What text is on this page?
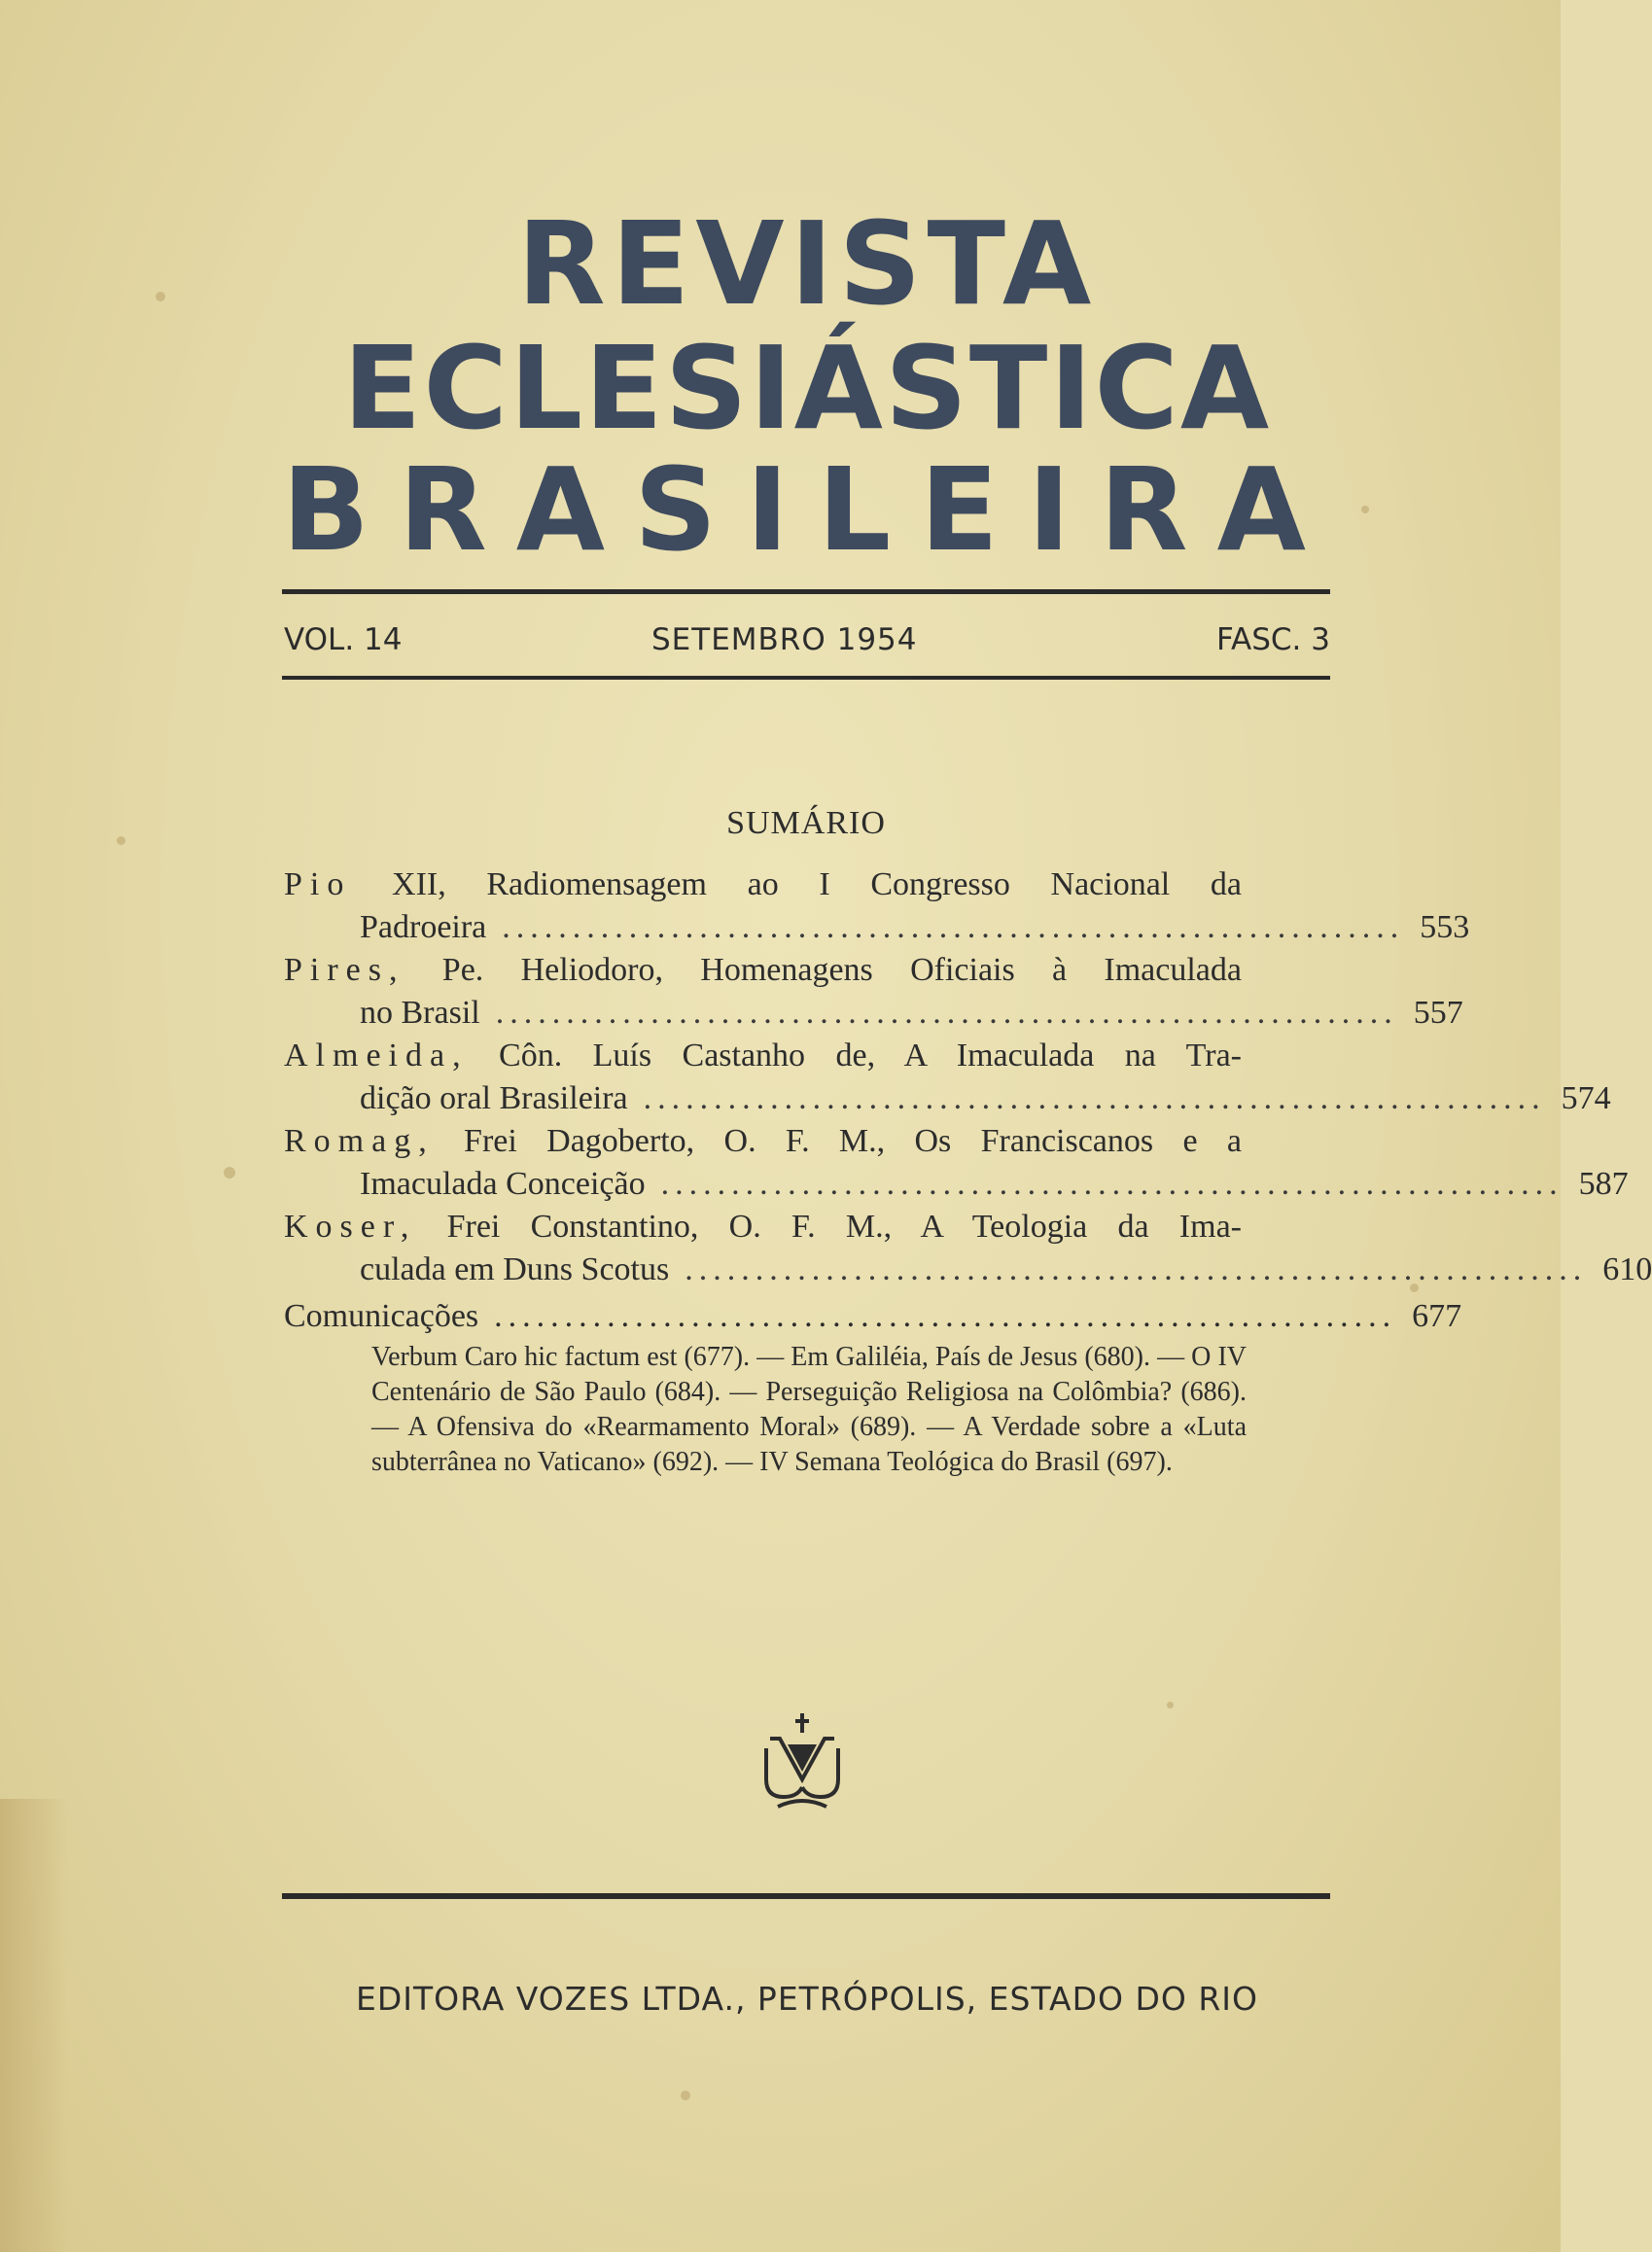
REVISTA
ECLESIÁSTICA
BRASILEIRA
VOL. 14	SETEMBRO 1954	FASC. 3
SUMÁRIO
Pio XII, Radiomensagem ao I Congresso Nacional da
Padroeira ................................................................ 553
Pires, Pe. Heliodoro, Homenagens Oficiais à Imaculada
no Brasil ................................................................ 557
Almeida, Côn. Luís Castanho de, A Imaculada na Tra-
dição oral Brasileira ................................................................ 574
Romag, Frei Dagoberto, O. F. M., Os Franciscanos e a
Imaculada Conceição ................................................................ 587
Koser, Frei Constantino, O. F. M., A Teologia da Ima-
culada em Duns Scotus ................................................................ 610
Comunicações ................................................................ 677
Verbum Caro hic factum est (677). — Em Galiléia, País de Jesus (680). — O IV Centenário de São Paulo (684). — Perseguição Religiosa na Colômbia? (686). — A Ofensiva do «Rearmamento Moral» (689). — A Verdade sobre a «Luta subterrânea no Vaticano» (692). — IV Semana Teológica do Brasil (697).
EDITORA VOZES LTDA., PETRÓPOLIS, ESTADO DO RIO
